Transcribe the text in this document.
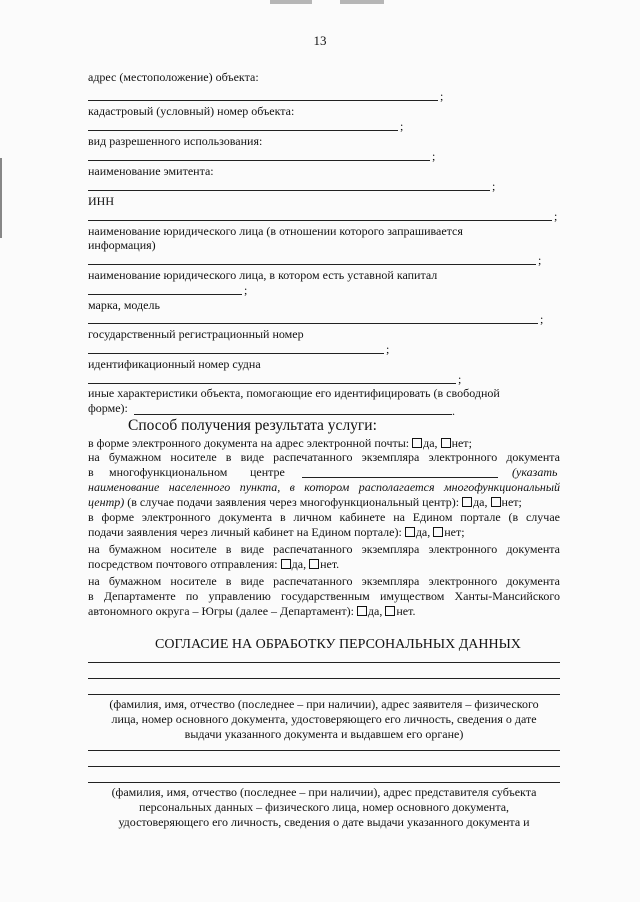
13
адрес (местоположение) объекта:
;
кадастровый (условный) номер объекта:
;
вид разрешенного использования:
;
наименование эмитента:
;
ИНН
;
наименование юридического лица (в отношении которого запрашивается
информация)
;
наименование юридического лица, в котором есть уставной капитал
;
марка, модель
;
государственный регистрационный номер
;
идентификационный номер судна
;
иные характеристики объекта, помогающие его идентифицировать (в свободной
форме):	.
Способ получения результата услуги:
в форме электронного документа на адрес электронной почты: да, нет;
на бумажном носителе в виде распечатанного экземпляра электронного документа
в многофункциональном центре	(указать
наименование населенного пункта, в котором располагается многофункциональный
центр) (в случае подачи заявления через многофункциональный центр): да, нет;
в форме электронного документа в личном кабинете на Едином портале (в случае
подачи заявления через личный кабинет на Едином портале): да, нет;
на бумажном носителе в виде распечатанного экземпляра электронного документа
посредством почтового отправления: да, нет.
на бумажном носителе в виде распечатанного экземпляра электронного документа
в Департаменте по управлению государственным имуществом Ханты-Мансийского
автономного округа – Югры (далее – Департамент): да, нет.
СОГЛАСИЕ НА ОБРАБОТКУ ПЕРСОНАЛЬНЫХ ДАННЫХ
(фамилия, имя, отчество (последнее – при наличии), адрес заявителя – физического
лица, номер основного документа, удостоверяющего его личность, сведения о дате
выдачи указанного документа и выдавшем его органе)
(фамилия, имя, отчество (последнее – при наличии), адрес представителя субъекта
персональных данных – физического лица, номер основного документа,
удостоверяющего его личность, сведения о дате выдачи указанного документа и
